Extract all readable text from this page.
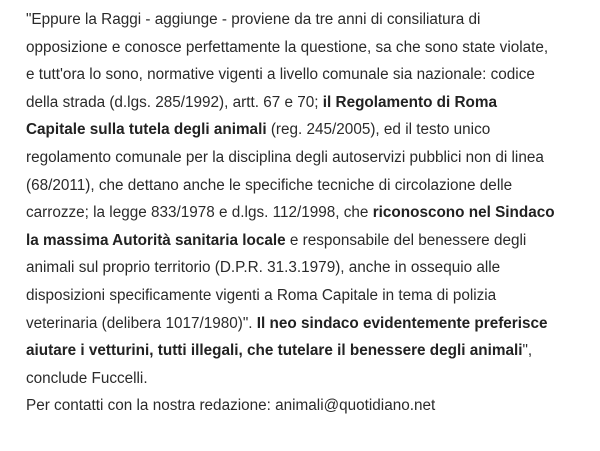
"Eppure la Raggi - aggiunge - proviene da tre anni di consiliatura di
opposizione e conosce perfettamente la questione, sa che sono state violate,
e tutt'ora lo sono, normative vigenti a livello comunale sia nazionale: codice
della strada (d.lgs. 285/1992), artt. 67 e 70; il Regolamento di Roma
Capitale sulla tutela degli animali (reg. 245/2005), ed il testo unico
regolamento comunale per la disciplina degli autoservizi pubblici non di linea
(68/2011), che dettano anche le specifiche tecniche di circolazione delle
carrozze; la legge 833/1978 e d.lgs. 112/1998, che riconoscono nel Sindaco
la massima Autorità sanitaria locale e responsabile del benessere degli
animali sul proprio territorio (D.P.R. 31.3.1979), anche in ossequio alle
disposizioni specificamente vigenti a Roma Capitale in tema di polizia
veterinaria (delibera 1017/1980)". Il neo sindaco evidentemente preferisce
aiutare i vetturini, tutti illegali, che tutelare il benessere degli animali",
conclude Fuccelli.

Per contatti con la nostra redazione: animali@quotidiano.net
